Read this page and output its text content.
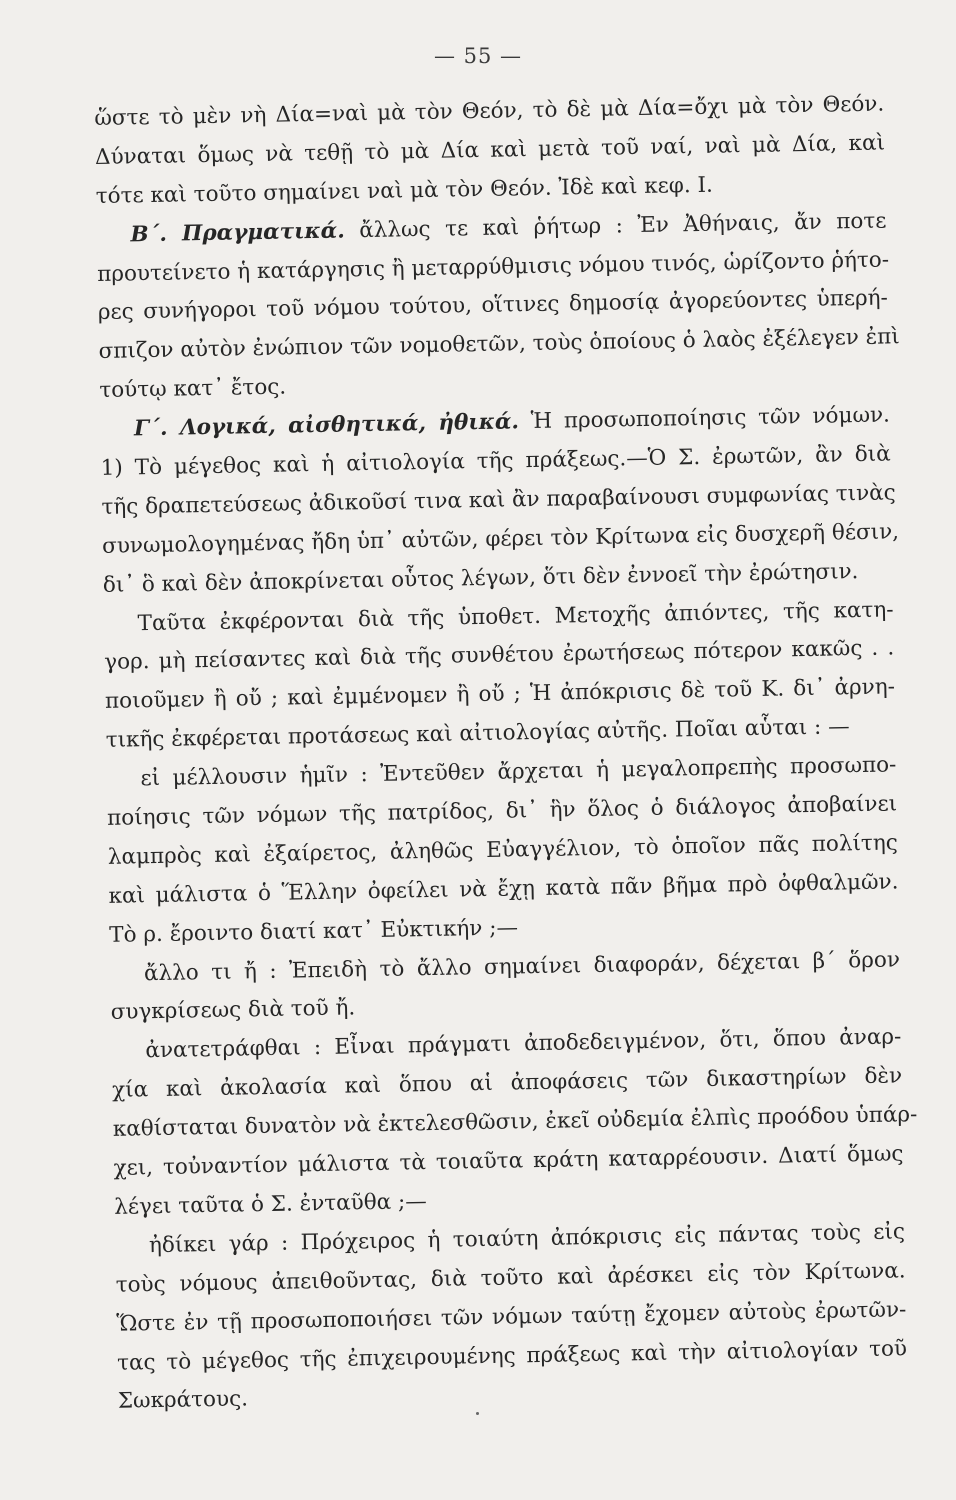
— 55 —
ὥστε τὸ μὲν νὴ Δία=ναὶ μὰ τὸν Θεόν, τὸ δὲ μὰ Δία=ὄχι μὰ τὸν Θεόν.
Δύναται ὅμως νὰ τεθῇ τὸ μὰ Δία καὶ μετὰ τοῦ ναί, ναὶ μὰ Δία, καὶ
τότε καὶ τοῦτο σημαίνει ναὶ μὰ τὸν Θεόν. Ἰδὲ καὶ κεφ. Ι.
Β΄. Πραγματικά. ἄλλως τε καὶ ῥήτωρ : Ἐν Ἀθήναις, ἄν ποτε
προυτείνετο ἡ κατάργησις ἢ μεταρρύθμισις νόμου τινός, ὡρίζοντο ῥήτο-
ρες συνήγοροι τοῦ νόμου τούτου, οἵτινες δημοσίᾳ ἀγορεύοντες ὑπερή-
σπιζον αὐτὸν ἐνώπιον τῶν νομοθετῶν, τοὺς ὁποίους ὁ λαὸς ἐξέλεγεν ἐπὶ
τούτῳ κατ᾽ ἔτος.
Γ΄. Λογικά, αἰσθητικά, ἠθικά. Ἡ προσωποποίησις τῶν νόμων.
1) Τὸ μέγεθος καὶ ἡ αἰτιολογία τῆς πράξεως.—Ὁ Σ. ἐρωτῶν, ἂν διὰ
τῆς δραπετεύσεως ἀδικοῦσί τινα καὶ ἂν παραβαίνουσι συμφωνίας τινὰς
συνωμολογημένας ἤδη ὑπ᾽ αὐτῶν, φέρει τὸν Κρίτωνα εἰς δυσχερῆ θέσιν,
δι᾽ ὃ καὶ δὲν ἀποκρίνεται οὗτος λέγων, ὅτι δὲν ἐννοεῖ τὴν ἐρώτησιν.
Ταῦτα ἐκφέρονται διὰ τῆς ὑποθετ. Μετοχῆς ἀπιόντες, τῆς κατη-
γορ. μὴ πείσαντες καὶ διὰ τῆς συνθέτου ἐρωτήσεως πότερον κακῶς . .
ποιοῦμεν ἢ οὔ ; καὶ ἐμμένομεν ἢ οὔ ; Ἡ ἀπόκρισις δὲ τοῦ Κ. δι᾽ ἀρνη-
τικῆς ἐκφέρεται προτάσεως καὶ αἰτιολογίας αὐτῆς. Ποῖαι αὗται : —
εἰ μέλλουσιν ἡμῖν : Ἐντεῦθεν ἄρχεται ἡ μεγαλοπρεπὴς προσωπο-
ποίησις τῶν νόμων τῆς πατρίδος, δι᾽ ἣν ὅλος ὁ διάλογος ἀποβαίνει
λαμπρὸς καὶ ἐξαίρετος, ἀληθῶς Εὐαγγέλιον, τὸ ὁποῖον πᾶς πολίτης
καὶ μάλιστα ὁ Ἕλλην ὀφείλει νὰ ἔχῃ κατὰ πᾶν βῆμα πρὸ ὀφθαλμῶν.
Τὸ ρ. ἔροιντο διατί κατ᾽ Εὐκτικήν ;—
ἄλλο τι ἤ : Ἐπειδὴ τὸ ἄλλο σημαίνει διαφοράν, δέχεται β΄ ὅρον
συγκρίσεως διὰ τοῦ ἤ.
ἀνατετράφθαι : Εἶναι πράγματι ἀποδεδειγμένον, ὅτι, ὅπου ἀναρ-
χία καὶ ἀκολασία καὶ ὅπου αἱ ἀποφάσεις τῶν δικαστηρίων δὲν
καθίσταται δυνατὸν νὰ ἐκτελεσθῶσιν, ἐκεῖ οὐδεμία ἐλπὶς προόδου ὑπάρ-
χει, τοὐναντίον μάλιστα τὰ τοιαῦτα κράτη καταρρέουσιν. Διατί ὅμως
λέγει ταῦτα ὁ Σ. ἐνταῦθα ;—
ἠδίκει γάρ : Πρόχειρος ἡ τοιαύτη ἀπόκρισις εἰς πάντας τοὺς εἰς
τοὺς νόμους ἀπειθοῦντας, διὰ τοῦτο καὶ ἀρέσκει εἰς τὸν Κρίτωνα.
Ὥστε ἐν τῇ προσωποποιήσει τῶν νόμων ταύτῃ ἔχομεν αὐτοὺς ἐρωτῶν-
τας τὸ μέγεθος τῆς ἐπιχειρουμένης πράξεως καὶ τὴν αἰτιολογίαν τοῦ
Σωκράτους.
